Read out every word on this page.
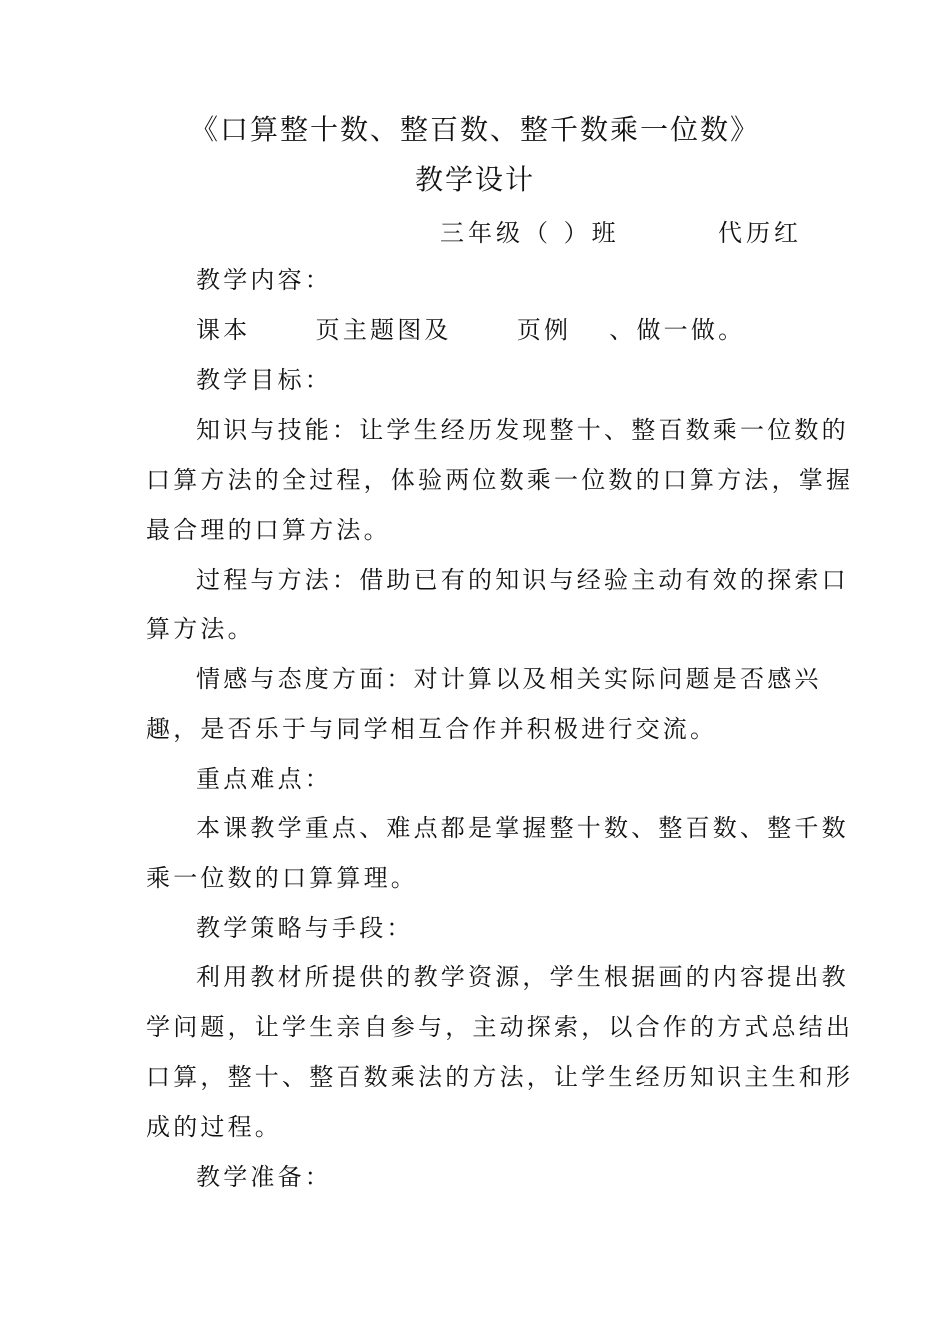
《口算整十数、整百数、整千数乘一位数》
教学设计
三年级（ ）班	代历红
教学内容：
课本 　　页主题图及 　　页例 　、做一做。
教学目标：
知识与技能：让学生经历发现整十、整百数乘一位数的
口算方法的全过程，体验两位数乘一位数的口算方法，掌握
最合理的口算方法。
过程与方法：借助已有的知识与经验主动有效的探索口
算方法。
情感与态度方面：对计算以及相关实际问题是否感兴
趣，是否乐于与同学相互合作并积极进行交流。
重点难点：
本课教学重点、难点都是掌握整十数、整百数、整千数
乘一位数的口算算理。
教学策略与手段：
利用教材所提供的教学资源，学生根据画的内容提出教
学问题，让学生亲自参与，主动探索，以合作的方式总结出
口算，整十、整百数乘法的方法，让学生经历知识主生和形
成的过程。
教学准备：
